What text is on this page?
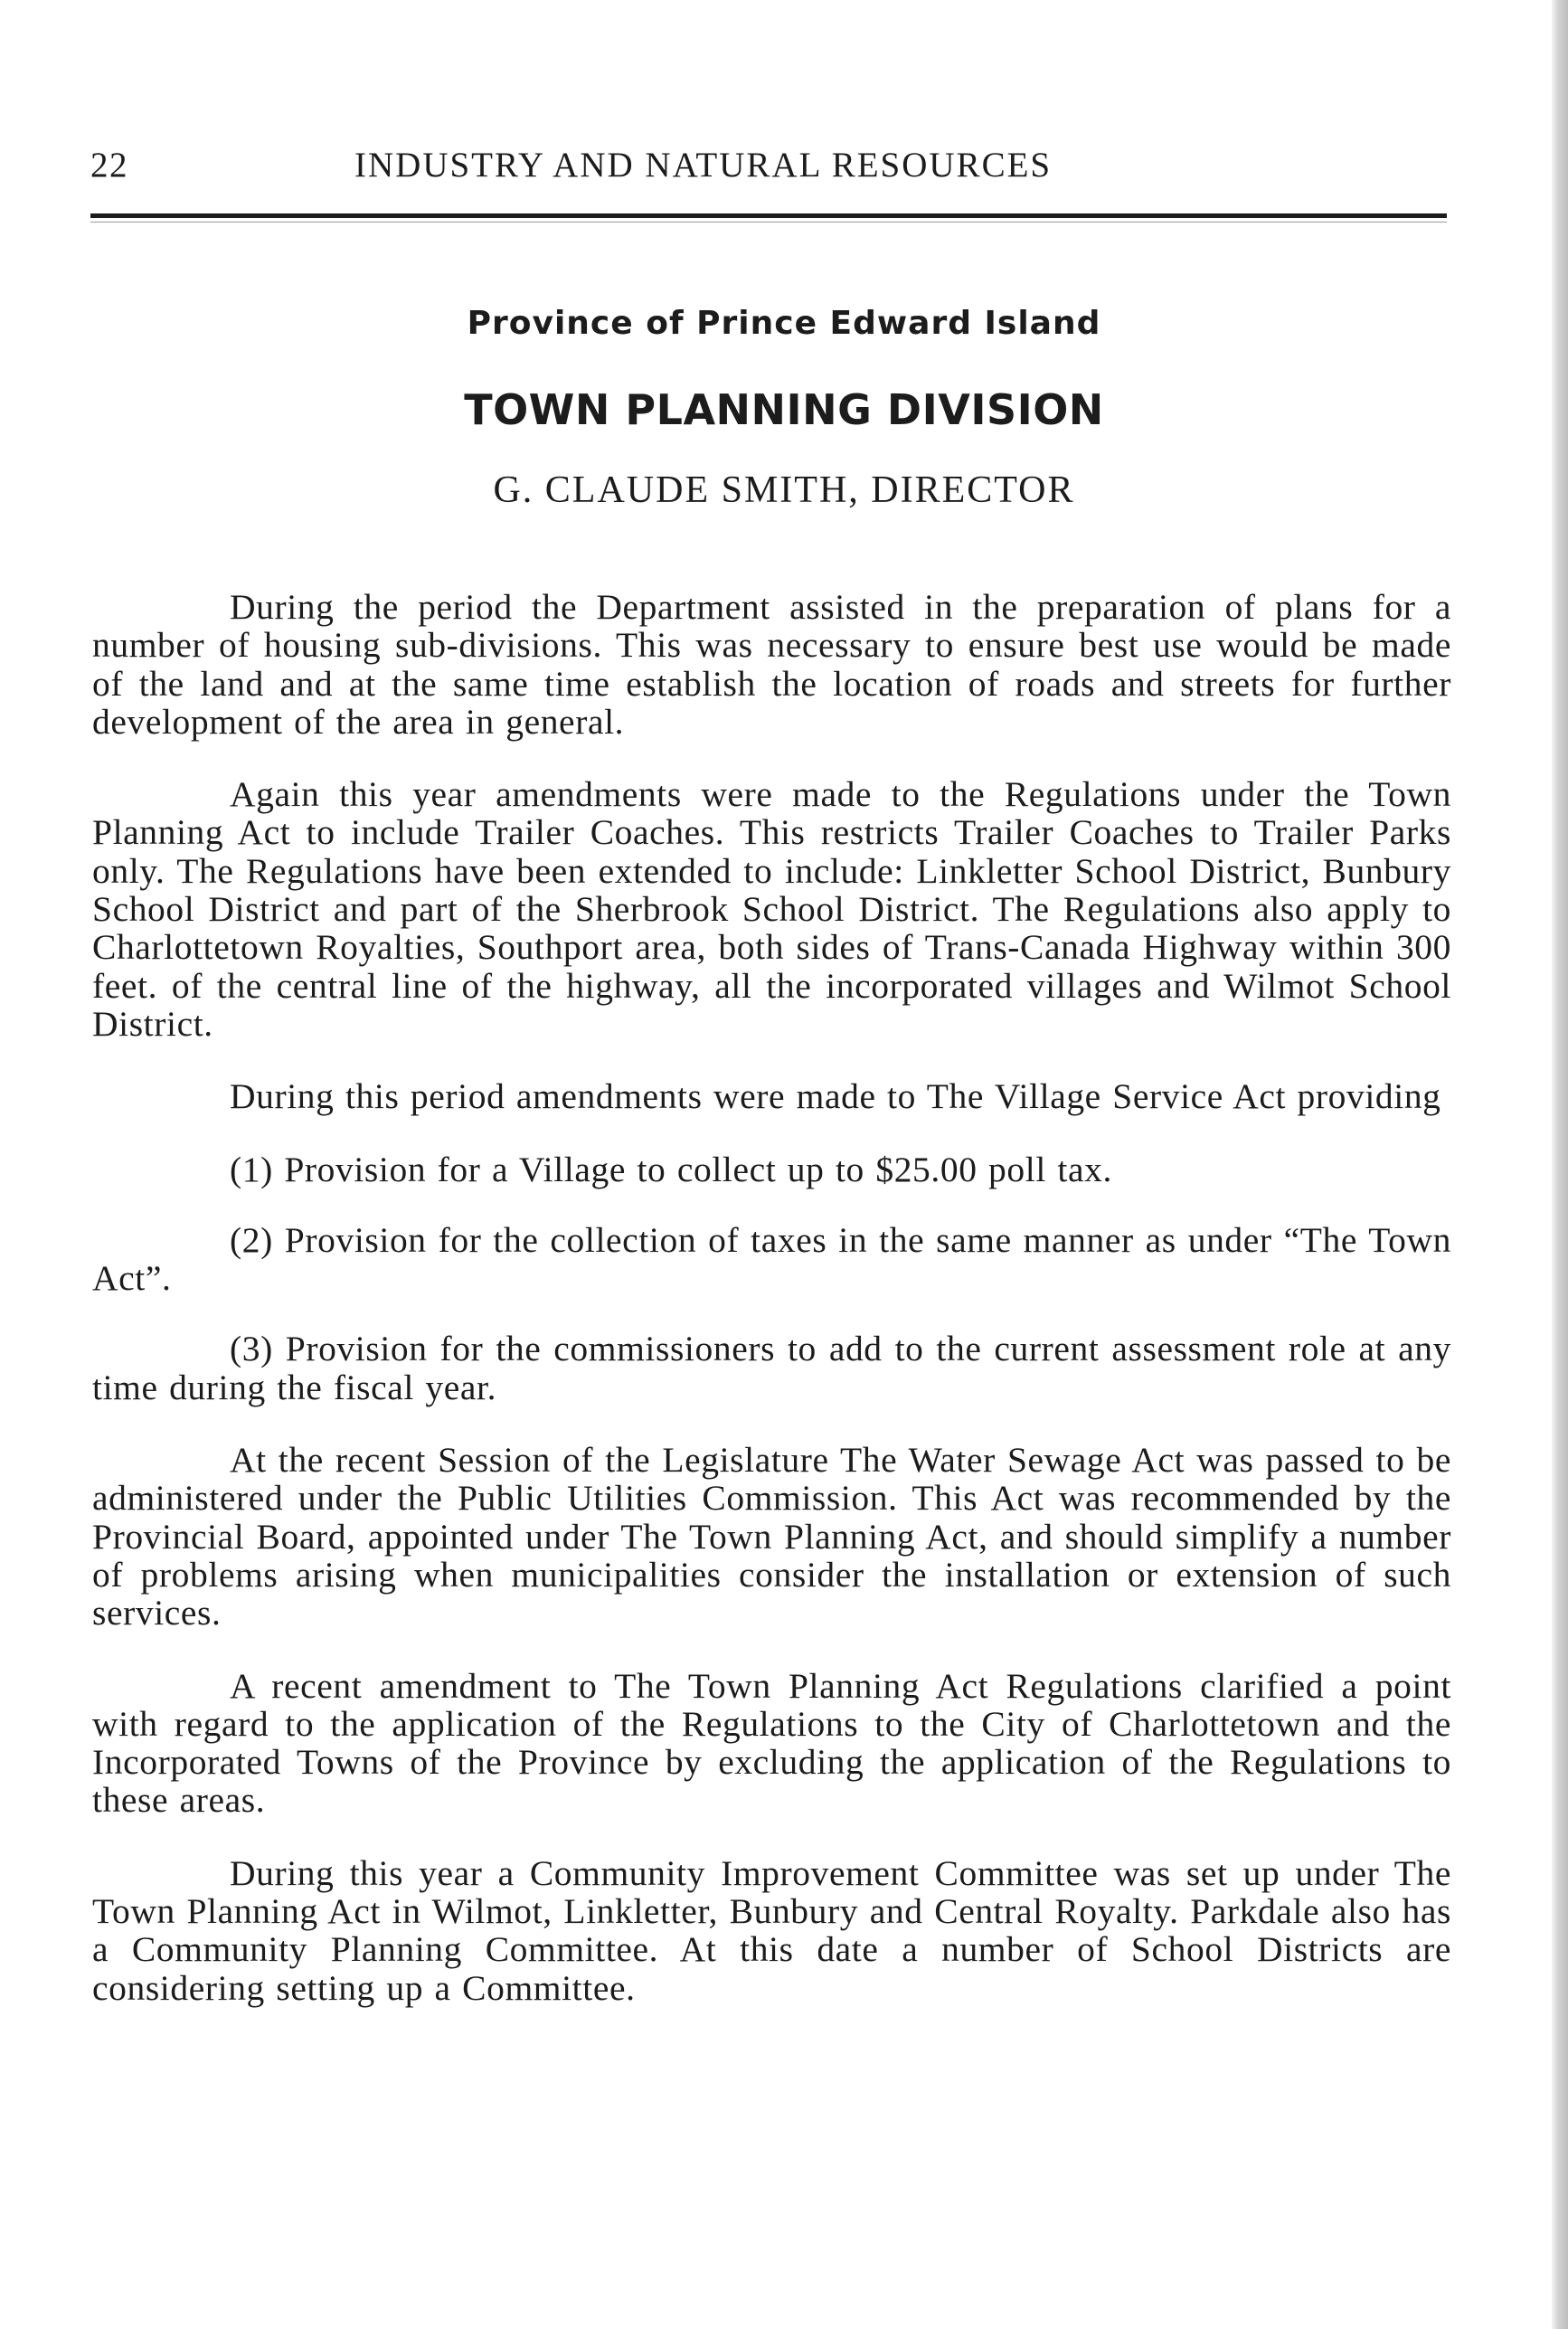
22	INDUSTRY AND NATURAL RESOURCES
Province of Prince Edward Island
TOWN PLANNING DIVISION
G. CLAUDE SMITH, DIRECTOR

During the period the Department assisted in the preparation of plans for a number of housing sub-divisions. This was necessary to ensure best use would be made of the land and at the same time establish the location of roads and streets for further development of the area in general.

Again this year amendments were made to the Regulations under the Town Planning Act to include Trailer Coaches. This restricts Trailer Coaches to Trailer Parks only. The Regulations have been extended to include: Linkletter School District, Bunbury School District and part of the Sherbrook School District. The Regulations also apply to Charlottetown Royalties, Southport area, both sides of Trans-Canada Highway within 300 feet. of the central line of the highway, all the incorporated villages and Wilmot School District.

During this period amendments were made to The Village Service Act providing

(1) Provision for a Village to collect up to $25.00 poll tax.

(2) Provision for the collection of taxes in the same manner as under “The Town Act”.

(3) Provision for the commissioners to add to the current assessment role at any time during the fiscal year.

At the recent Session of the Legislature The Water Sewage Act was passed to be administered under the Public Utilities Commission. This Act was recommended by the Provincial Board, appointed under The Town Planning Act, and should simplify a number of problems arising when municipalities consider the installation or extension of such services.

A recent amendment to The Town Planning Act Regulations clarified a point with regard to the application of the Regulations to the City of Charlottetown and the Incorporated Towns of the Province by excluding the application of the Regulations to these areas.

During this year a Community Improvement Committee was set up under The Town Planning Act in Wilmot, Linkletter, Bunbury and Central Royalty. Parkdale also has a Community Planning Committee. At this date a number of School Districts are considering setting up a Committee.
